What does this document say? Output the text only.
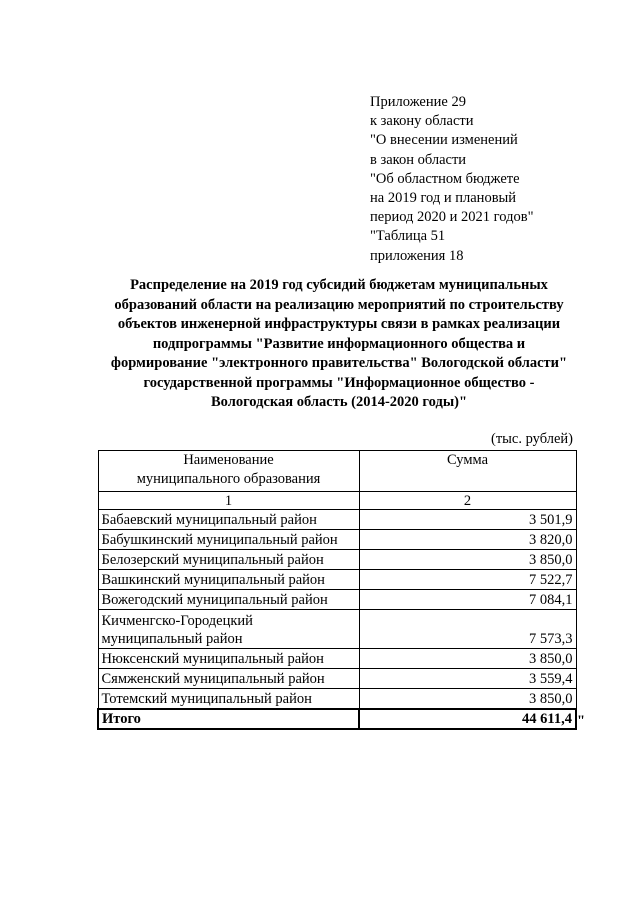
Приложение 29
к закону области
"О внесении изменений
в закон области
"Об областном бюджете
на 2019 год и плановый
период 2020 и 2021 годов"
"Таблица 51
приложения 18
Распределение на 2019 год субсидий бюджетам муниципальных
образований области на реализацию мероприятий по строительству
объектов инженерной инфраструктуры связи в рамках реализации
подпрограммы "Развитие информационного общества и
формирование "электронного правительства" Вологодской области"
государственной программы "Информационное общество -
Вологодская область (2014-2020 годы)"
(тыс. рублей)
Наименование
муниципального образования	Сумма
1	2
Бабаевский муниципальный район	3 501,9
Бабушкинский муниципальный район	3 820,0
Белозерский муниципальный район	3 850,0
Вашкинский муниципальный район	7 522,7
Вожегодский муниципальный район	7 084,1
Кичменгско-Городецкий муниципальный район	7 573,3
Нюксенский муниципальный район	3 850,0
Сямженский муниципальный район	3 559,4
Тотемский муниципальный район	3 850,0
Итого	44 611,4 "
